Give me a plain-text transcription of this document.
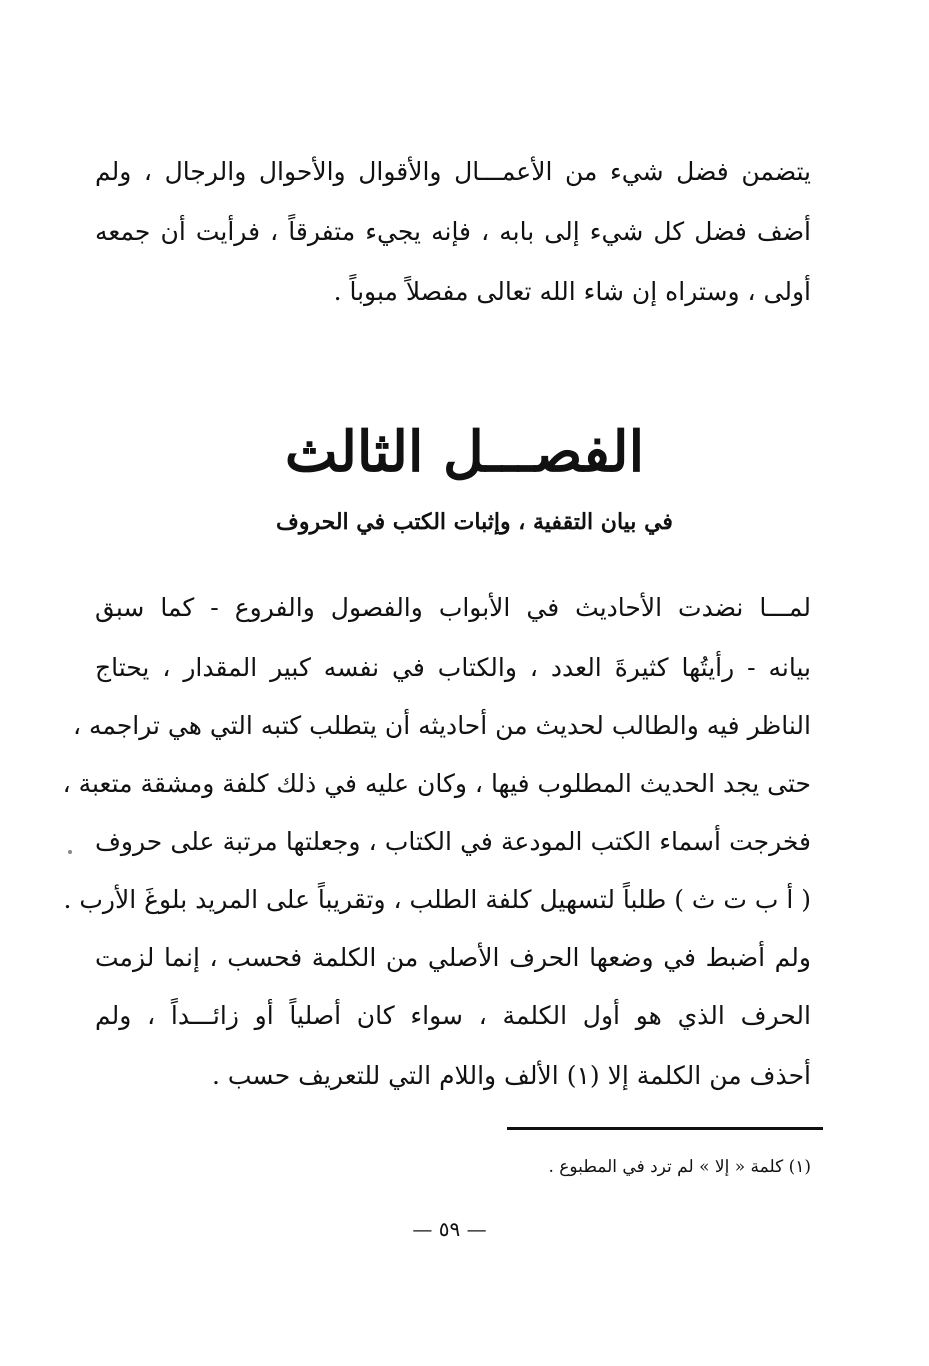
يتضمن فضل شيء من الأعمـــال والأقوال والأحوال والرجال ، ولم
أضف فضل كل شيء إلى بابه ، فإنه يجيء متفرقاً ، فرأيت أن جمعه
أولى ، وستراه إن شاء الله تعالى مفصلاً مبوباً .
الفصـــل الثالث
في بيان التقفية ، وإثبات الكتب في الحروف
لمـــا نضدت الأحاديث في الأبواب والفصول والفروع - كما سبق
بيانه - رأيتُها كثيرةَ العدد ، والكتاب في نفسه كبير المقدار ، يحتاج
الناظر فيه والطالب لحديث من أحاديثه أن يتطلب كتبه التي هي تراجمه ،
حتى يجد الحديث المطلوب فيها ، وكان عليه في ذلك كلفة ومشقة متعبة ،
فخرجت أسماء الكتب المودعة في الكتاب ، وجعلتها مرتبة على حروف
( أ ب ت ث ) طلباً لتسهيل كلفة الطلب ، وتقريباً على المريد بلوغَ الأرب .
ولم أضبط في وضعها الحرف الأصلي من الكلمة فحسب ، إنما لزمت
الحرف الذي هو أول الكلمة ، سواء كان أصلياً أو زائـــداً ، ولم
أحذف من الكلمة إلا (١) الألف واللام التي للتعريف حسب .
(١) كلمة « إلا » لم ترد في المطبوع .
— ٥٩ —
